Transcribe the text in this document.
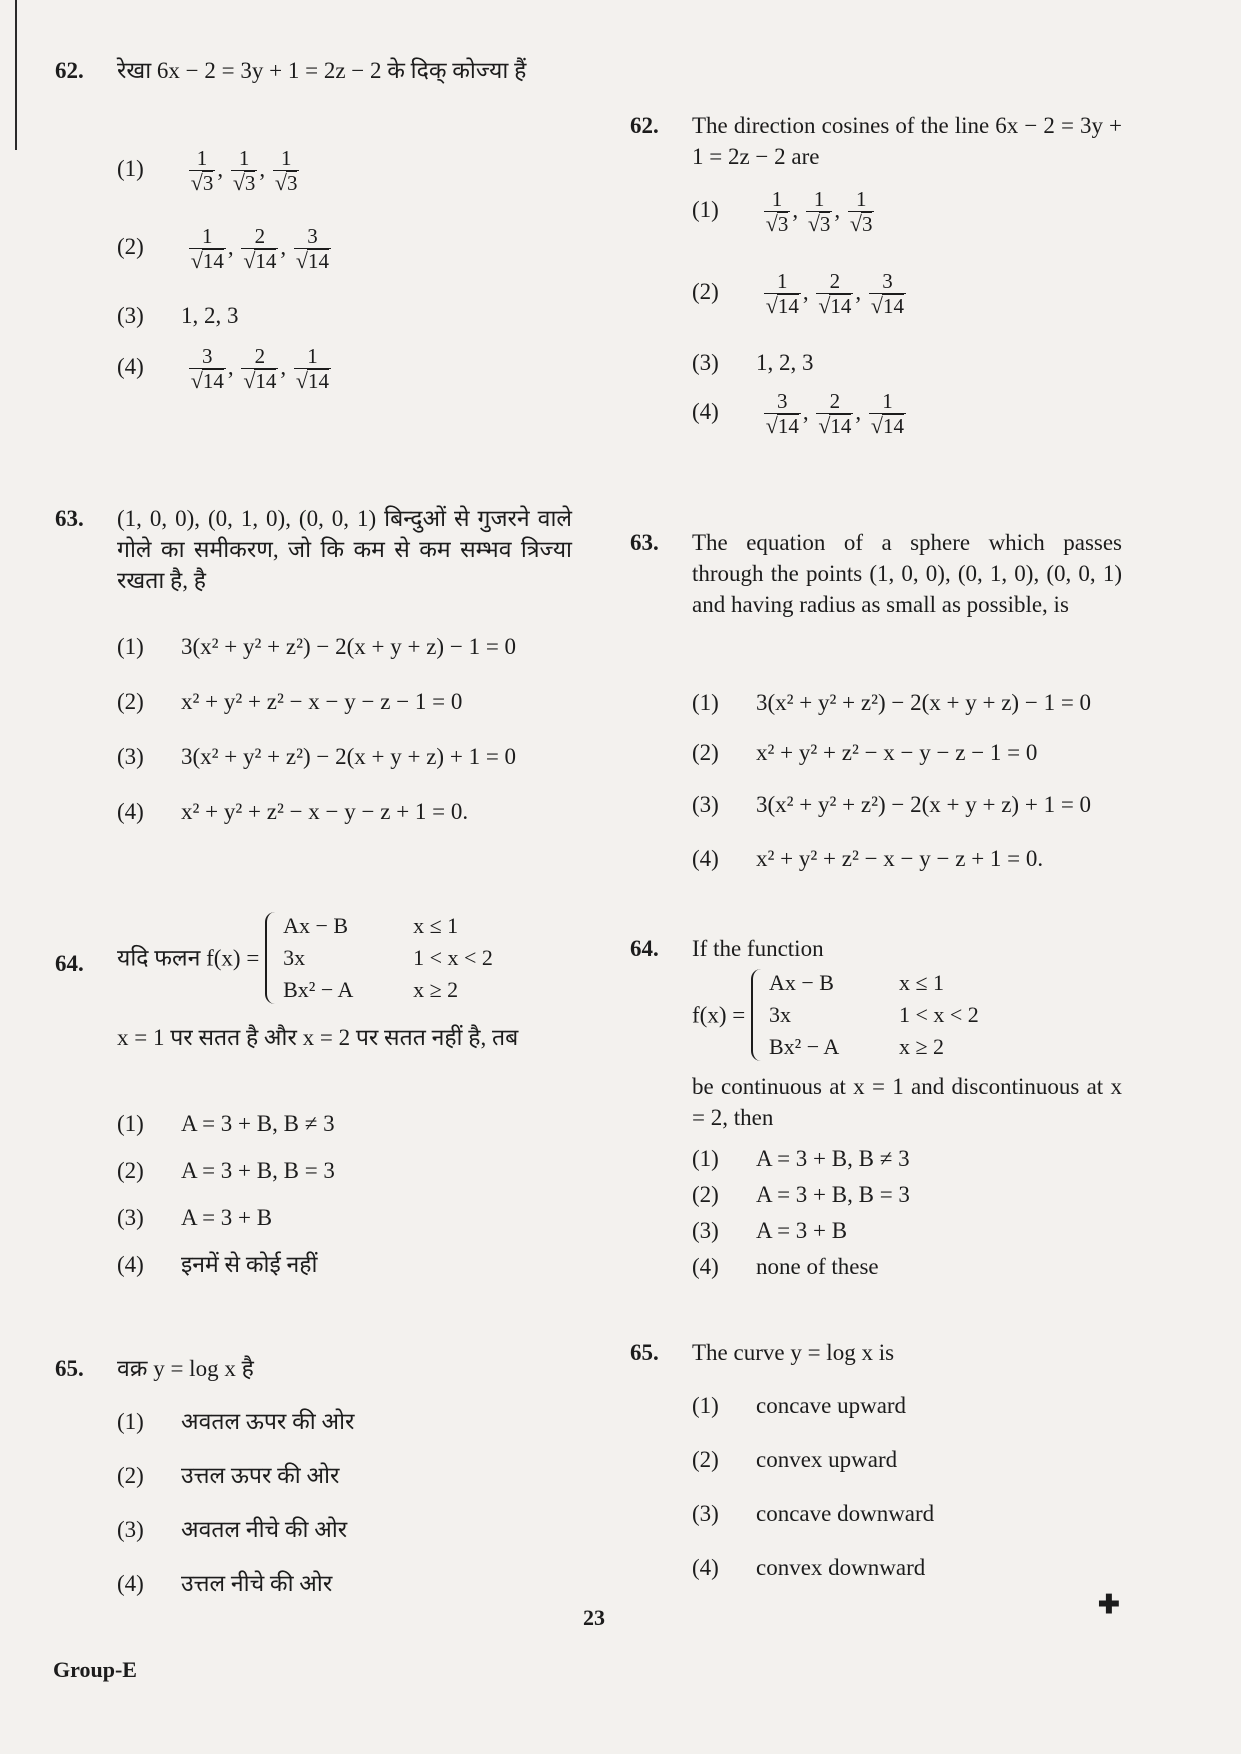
62. रेखा 6x − 2 = 3y + 1 = 2z − 2 के दिक् कोज्या हैं
$(1) \frac{1}{√3}$ , $\frac{1}{√3}$ , $\frac{1}{√3}$
$(2) \frac{1}{√14}$ , $\frac{2}{√14}$ , $\frac{3}{√14}$
(3) 1, 2, 3
$(4) \frac{3}{√14}$ , $\frac{2}{√14}$ , $\frac{1}{√14}$
63. (1, 0, 0), (0, 1, 0), (0, 0, 1) बिन्दुओं से गुजरने वाले गोले का समीकरण, जो कि कम से कम सम्भव त्रिज्या रखता है, है
(1) 3(x² + y² + z²) − 2(x + y + z) − 1 = 0
(2) x² + y² + z² − x − y − z − 1 = 0
(3) 3(x² + y² + z²) − 2(x + y + z) + 1 = 0
(4) x² + y² + z² − x − y − z + 1 = 0.
64. यदि फलन f(x) =
Ax − B	x ≤ 1
3x	1 < x < 2
Bx² − A	x ≥ 2
x = 1 पर सतत है और x = 2 पर सतत नहीं है, तब
(1) A = 3 + B, B ≠ 3
(2) A = 3 + B, B = 3
(3) A = 3 + B
(4) इनमें से कोई नहीं
65. वक्र y = log x है
(1) अवतल ऊपर की ओर
(2) उत्तल ऊपर की ओर
(3) अवतल नीचे की ओर
(4) उत्तल नीचे की ओर
62. The direction cosines of the line 6x − 2 = 3y + 1 = 2z − 2 are
$(1) \frac{1}{√3}$ , $\frac{1}{√3}$ , $\frac{1}{√3}$
$(2) \frac{1}{√14}$ , $\frac{2}{√14}$ , $\frac{3}{√14}$
(3) 1, 2, 3
$(4) \frac{3}{√14}$ , $\frac{2}{√14}$ , $\frac{1}{√14}$
63. The equation of a sphere which passes through the points (1, 0, 0), (0, 1, 0), (0, 0, 1) and having radius as small as possible, is
(1) 3(x² + y² + z²) − 2(x + y + z) − 1 = 0
(2) x² + y² + z² − x − y − z − 1 = 0
(3) 3(x² + y² + z²) − 2(x + y + z) + 1 = 0
(4) x² + y² + z² − x − y − z + 1 = 0.
64. If the function
f(x) =
Ax − B	x ≤ 1
3x	1 < x < 2
Bx² − A	x ≥ 2
be continuous at x = 1 and discontinuous at x = 2, then
(1) A = 3 + B, B ≠ 3
(2) A = 3 + B, B = 3
(3) A = 3 + B
(4) none of these
65. The curve y = log x is
(1) concave upward
(2) convex upward
(3) concave downward
(4) convex downward
23
Group-E
✚
